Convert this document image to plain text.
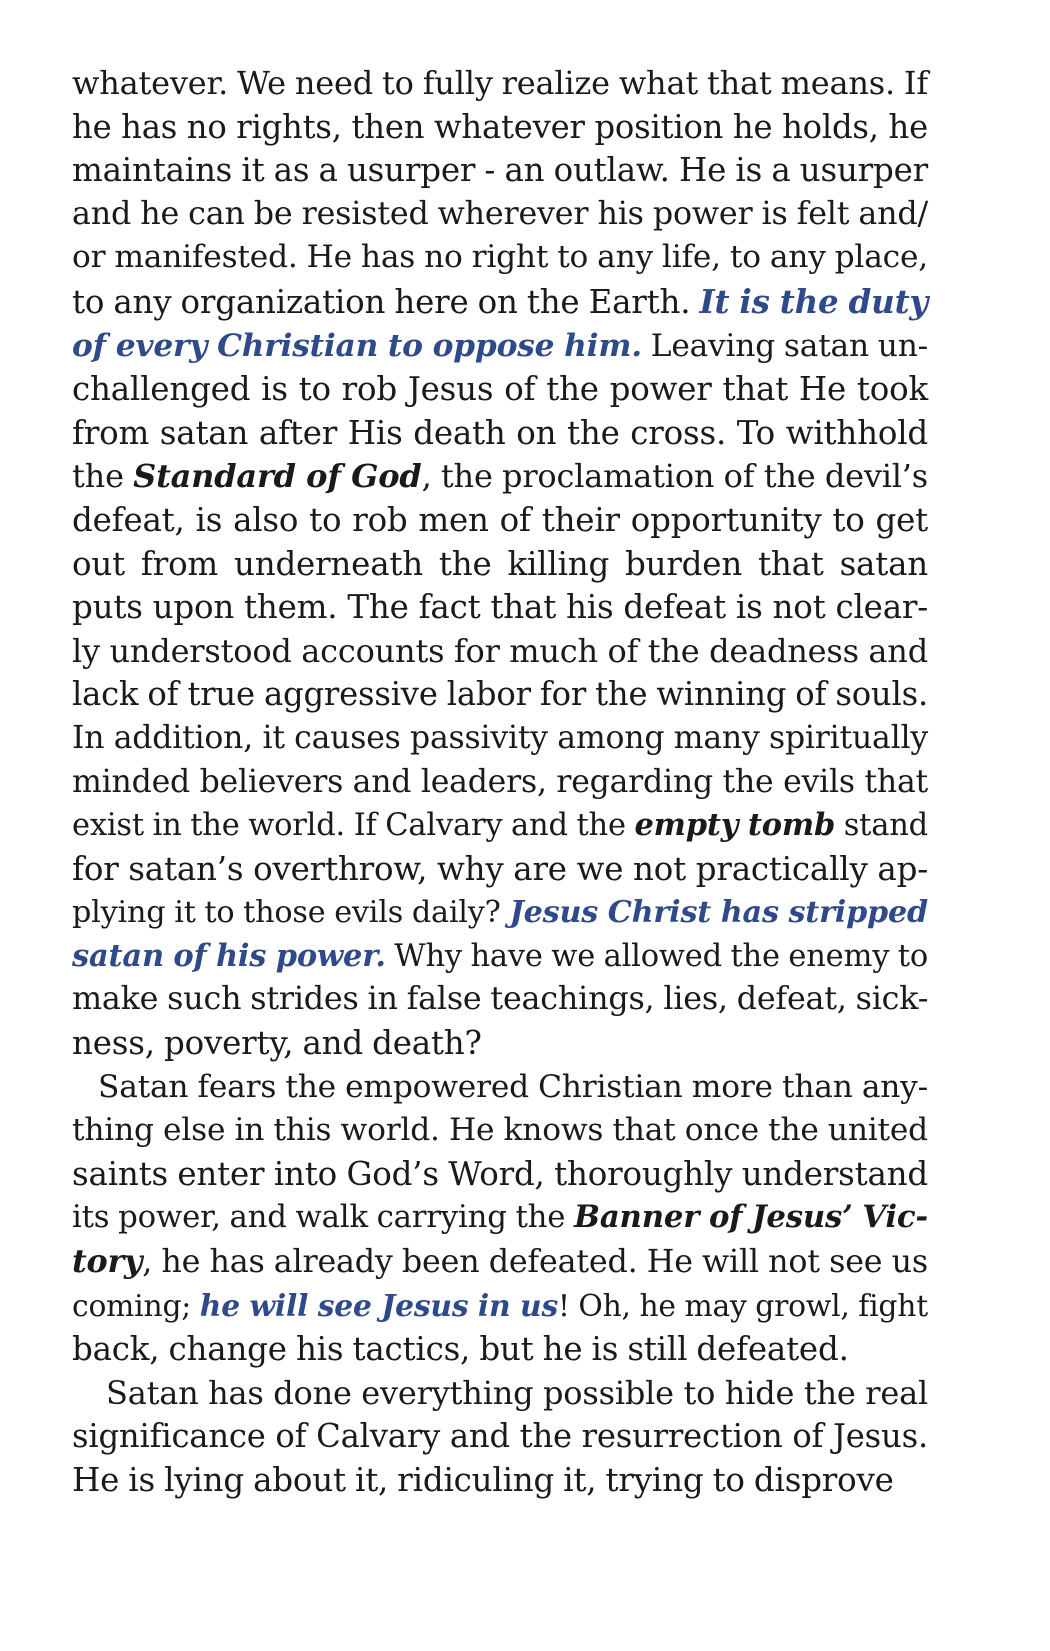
whatever. We need to fully realize what that means. If
he has no rights, then whatever position he holds, he
maintains it as a usurper - an outlaw. He is a usurper
and he can be resisted wherever his power is felt and/
or manifested. He has no right to any life, to any place,
to any organization here on the Earth. It is the duty
of every Christian to oppose him. Leaving satan un-
challenged is to rob Jesus of the power that He took
from satan after His death on the cross. To withhold
the Standard of God, the proclamation of the devil’s
defeat, is also to rob men of their opportunity to get
out from underneath the killing burden that satan
puts upon them. The fact that his defeat is not clear-
ly understood accounts for much of the deadness and
lack of true aggressive labor for the winning of souls.
In addition, it causes passivity among many spiritually
minded believers and leaders, regarding the evils that
exist in the world. If Calvary and the empty tomb stand
for satan’s overthrow, why are we not practically ap-
plying it to those evils daily? Jesus Christ has stripped
satan of his power. Why have we allowed the enemy to
make such strides in false teachings, lies, defeat, sick-
ness, poverty, and death?
Satan fears the empowered Christian more than any-
thing else in this world. He knows that once the united
saints enter into God’s Word, thoroughly understand
its power, and walk carrying the Banner of Jesus’ Vic-
tory, he has already been defeated. He will not see us
coming; he will see Jesus in us! Oh, he may growl, fight
back, change his tactics, but he is still defeated.
Satan has done everything possible to hide the real
significance of Calvary and the resurrection of Jesus.
He is lying about it, ridiculing it, trying to disprove
